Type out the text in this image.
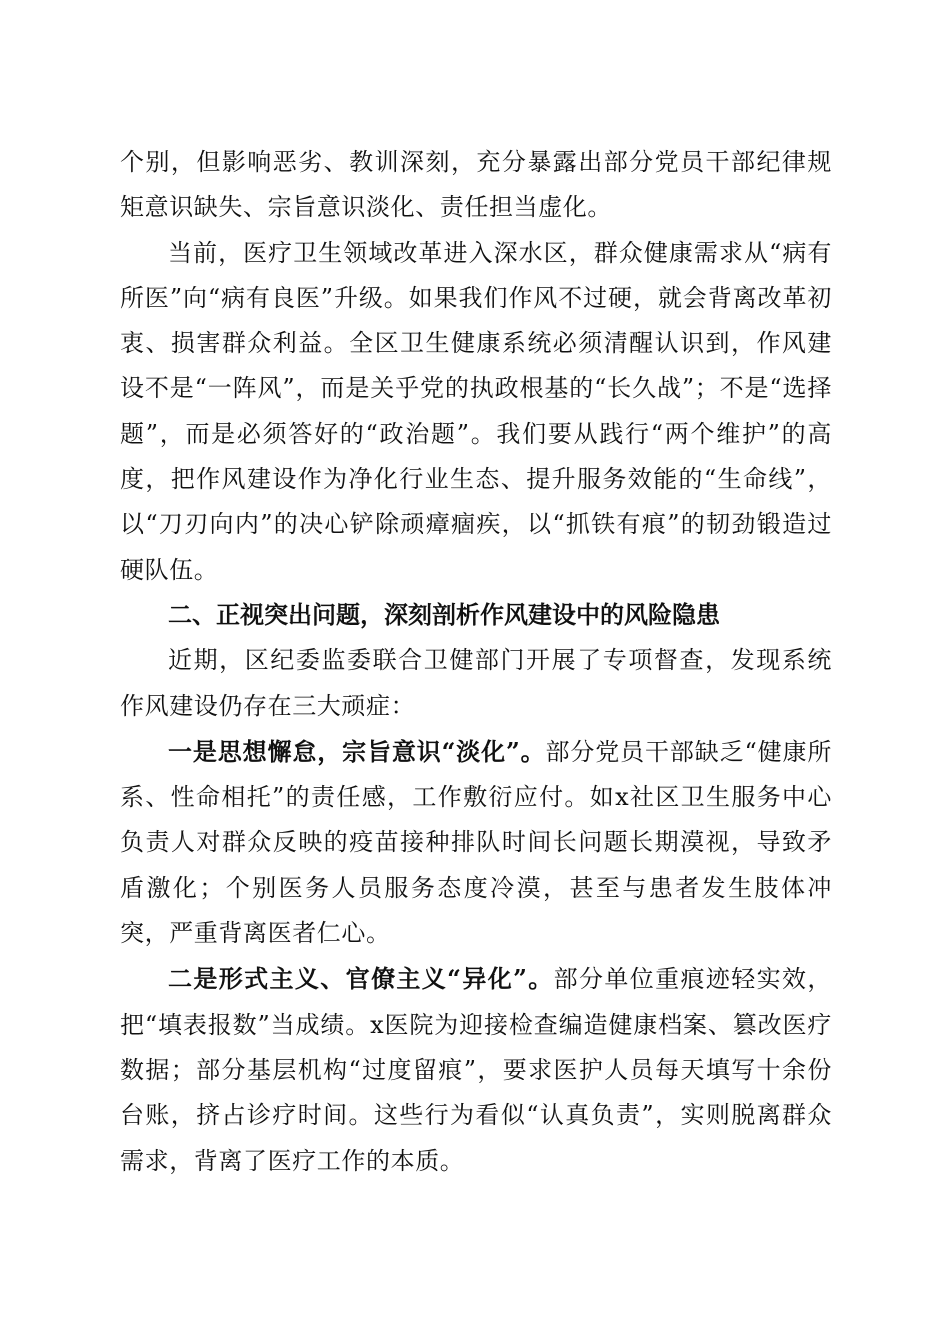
个别，但影响恶劣、教训深刻，充分暴露出部分党员干部纪律规矩意识缺失、宗旨意识淡化、责任担当虚化。

当前，医疗卫生领域改革进入深水区，群众健康需求从“病有所医”向“病有良医”升级。如果我们作风不过硬，就会背离改革初衷、损害群众利益。全区卫生健康系统必须清醒认识到，作风建设不是“一阵风”，而是关乎党的执政根基的“长久战”；不是“选择题”，而是必须答好的“政治题”。我们要从践行“两个维护”的高度，把作风建设作为净化行业生态、提升服务效能的“生命线”，以“刀刃向内”的决心铲除顽瘴痼疾，以“抓铁有痕”的韧劲锻造过硬队伍。

二、正视突出问题，深刻剖析作风建设中的风险隐患

近期，区纪委监委联合卫健部门开展了专项督查，发现系统作风建设仍存在三大顽症：

一是思想懈怠，宗旨意识“淡化”。部分党员干部缺乏“健康所系、性命相托”的责任感，工作敷衍应付。如x社区卫生服务中心负责人对群众反映的疫苗接种排队时间长问题长期漠视，导致矛盾激化；个别医务人员服务态度冷漠，甚至与患者发生肢体冲突，严重背离医者仁心。

二是形式主义、官僚主义“异化”。部分单位重痕迹轻实效，把“填表报数”当成绩。x医院为迎接检查编造健康档案、篡改医疗数据；部分基层机构“过度留痕”，要求医护人员每天填写十余份台账，挤占诊疗时间。这些行为看似“认真负责”，实则脱离群众需求，背离了医疗工作的本质。
